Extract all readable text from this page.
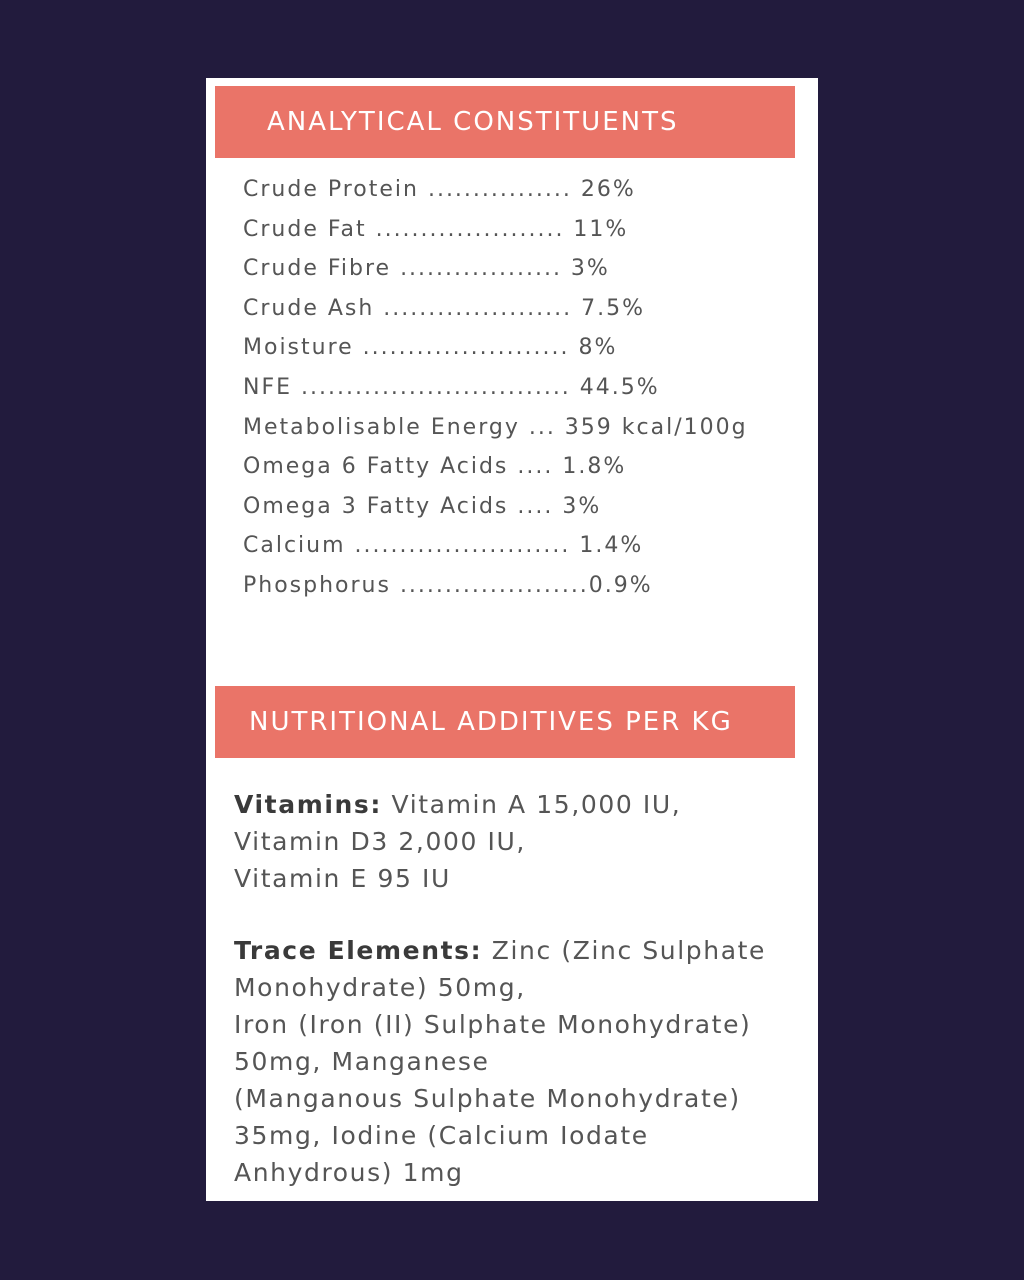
ANALYTICAL CONSTITUENTS
Crude Protein ................ 26%
Crude Fat ..................... 11%
Crude Fibre .................. 3%
Crude Ash ..................... 7.5%
Moisture ....................... 8%
NFE .............................. 44.5%
Metabolisable Energy ... 359 kcal/100g
Omega 6 Fatty Acids .... 1.8%
Omega 3 Fatty Acids .... 3%
Calcium ........................ 1.4%
Phosphorus .....................0.9%
NUTRITIONAL ADDITIVES PER KG
Vitamins: Vitamin A 15,000 IU,
Vitamin D3 2,000 IU,
Vitamin E 95 IU
Trace Elements: Zinc (Zinc Sulphate
Monohydrate) 50mg,
Iron (Iron (II) Sulphate Monohydrate)
50mg, Manganese
(Manganous Sulphate Monohydrate)
35mg, Iodine (Calcium Iodate
Anhydrous) 1mg
